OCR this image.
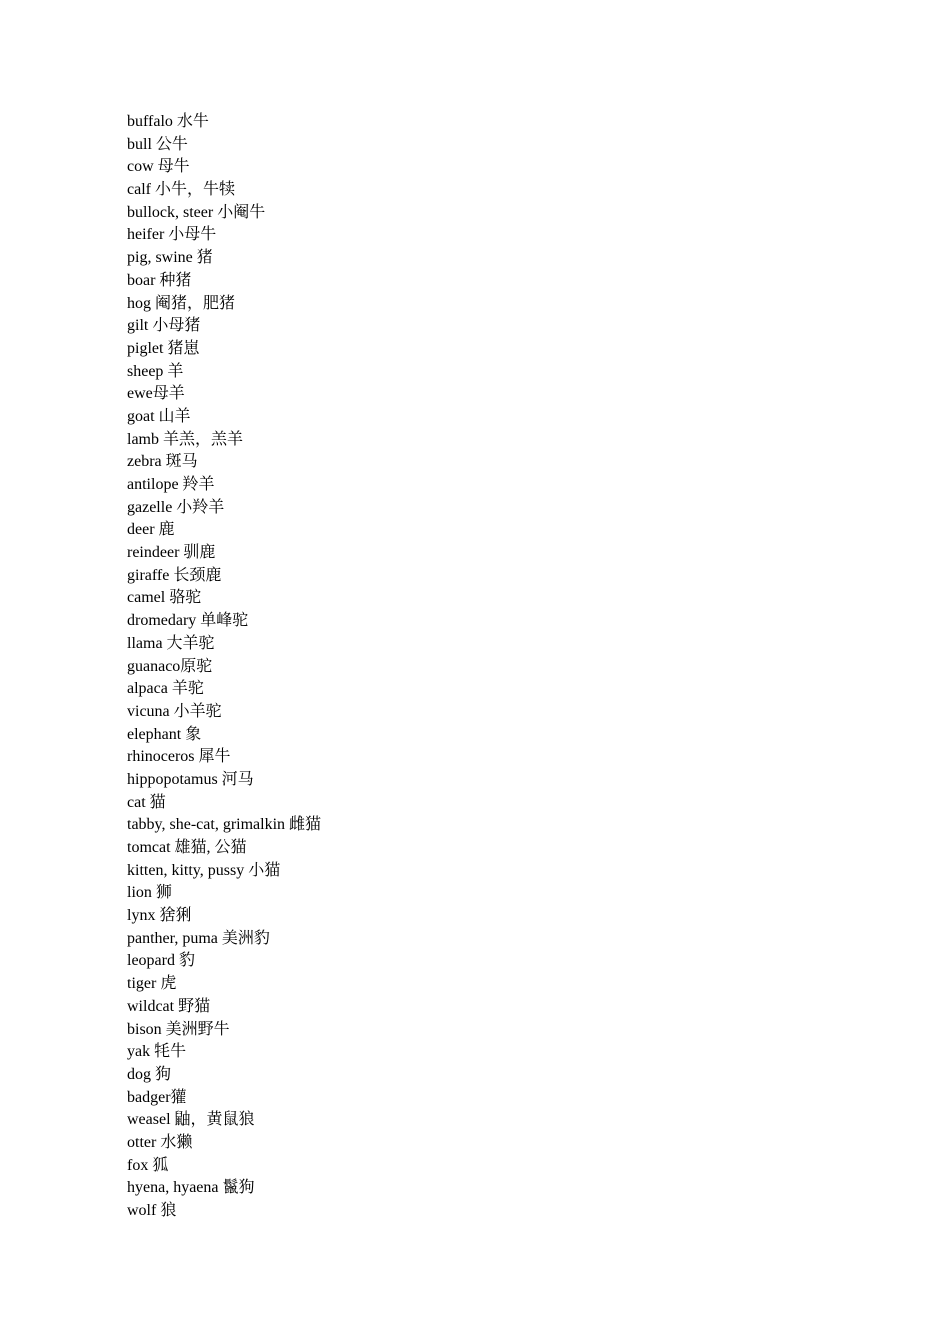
buffalo 水牛
bull 公牛
cow 母牛
calf 小牛，牛犊
bullock, steer 小阉牛
heifer 小母牛
pig, swine 猪
boar 种猪
hog 阉猪，肥猪
gilt 小母猪
piglet 猪崽
sheep 羊
ewe母羊
goat 山羊
lamb 羊羔，羔羊
zebra 斑马
antilope 羚羊
gazelle 小羚羊
deer 鹿
reindeer 驯鹿
giraffe 长颈鹿
camel 骆驼
dromedary 单峰驼
llama 大羊驼
guanaco原驼
alpaca 羊驼
vicuna 小羊驼
elephant 象
rhinoceros 犀牛
hippopotamus 河马
cat 猫
tabby, she-cat, grimalkin 雌猫
tomcat 雄猫, 公猫
kitten, kitty, pussy 小猫
lion 狮
lynx 猞猁
panther, puma 美洲豹
leopard 豹
tiger 虎
wildcat 野猫
bison 美洲野牛
yak 牦牛
dog 狗
badger獾
weasel 鼬，黄鼠狼
otter 水獭
fox 狐
hyena, hyaena 鬣狗
wolf 狼
